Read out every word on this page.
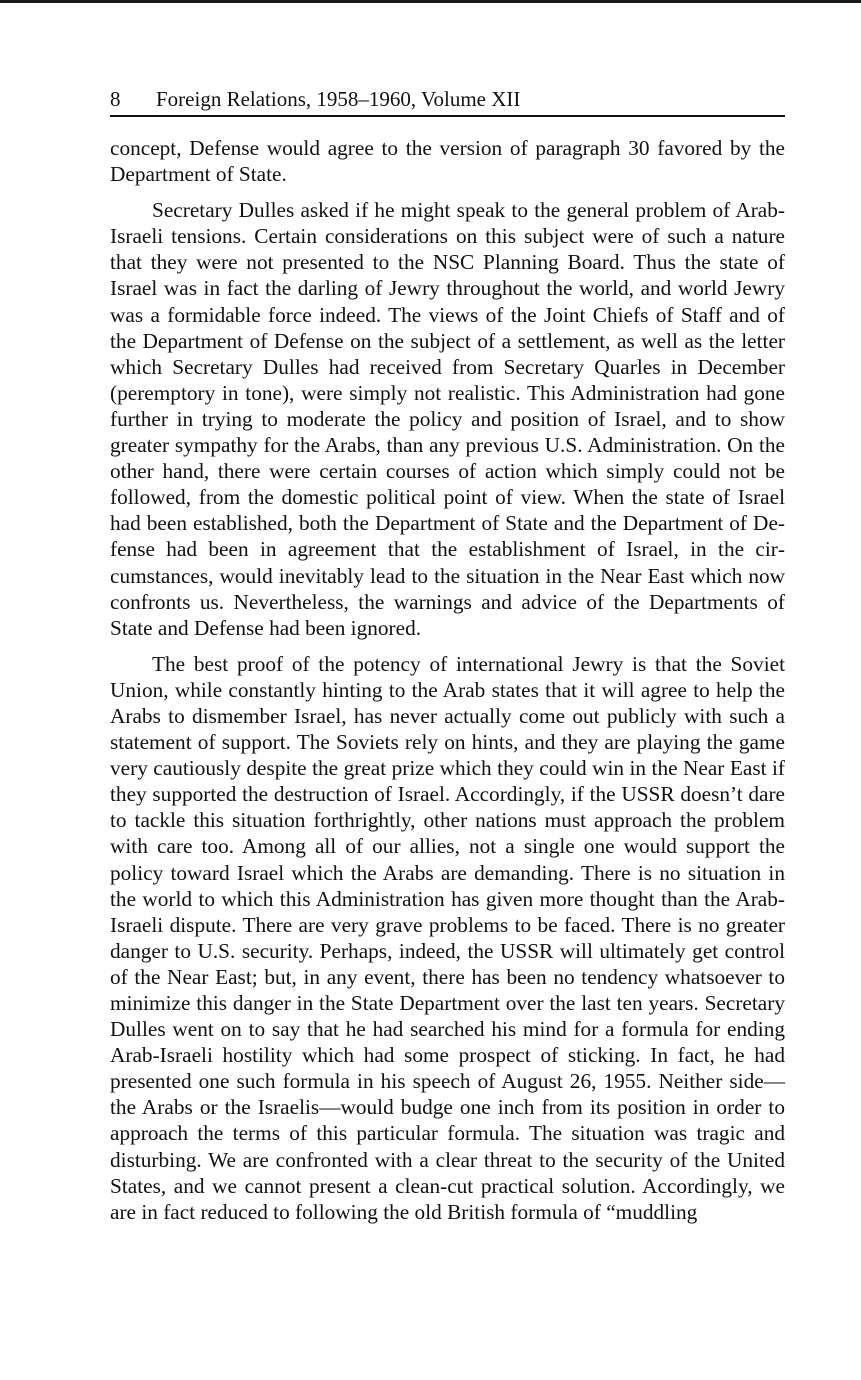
8 Foreign Relations, 1958–1960, Volume XII

concept, Defense would agree to the version of paragraph 30 favored by the Department of State.

Secretary Dulles asked if he might speak to the general problem of Arab-Israeli tensions. Certain considerations on this subject were of such a nature that they were not presented to the NSC Planning Board. Thus the state of Israel was in fact the darling of Jewry throughout the world, and world Jewry was a formidable force indeed. The views of the Joint Chiefs of Staff and of the Department of Defense on the subject of a settlement, as well as the letter which Secretary Dulles had received from Secretary Quarles in December (peremptory in tone), were simply not realistic. This Administration had gone further in trying to moderate the policy and position of Israel, and to show greater sympathy for the Arabs, than any previous U.S. Administration. On the other hand, there were certain courses of action which simply could not be followed, from the domestic political point of view. When the state of Israel had been established, both the Department of State and the Department of Defense had been in agreement that the establishment of Israel, in the circumstances, would inevitably lead to the situation in the Near East which now confronts us. Nevertheless, the warnings and advice of the Departments of State and Defense had been ignored.

The best proof of the potency of international Jewry is that the Soviet Union, while constantly hinting to the Arab states that it will agree to help the Arabs to dismember Israel, has never actually come out publicly with such a statement of support. The Soviets rely on hints, and they are playing the game very cautiously despite the great prize which they could win in the Near East if they supported the destruction of Israel. Accordingly, if the USSR doesn’t dare to tackle this situation forthrightly, other nations must approach the problem with care too. Among all of our allies, not a single one would support the policy toward Israel which the Arabs are demanding. There is no situation in the world to which this Administration has given more thought than the Arab-Israeli dispute. There are very grave problems to be faced. There is no greater danger to U.S. security. Perhaps, indeed, the USSR will ultimately get control of the Near East; but, in any event, there has been no tendency whatsoever to minimize this danger in the State Department over the last ten years. Secretary Dulles went on to say that he had searched his mind for a formula for ending Arab-Israeli hostility which had some prospect of sticking. In fact, he had presented one such formula in his speech of August 26, 1955. Neither side—the Arabs or the Israelis—would budge one inch from its position in order to approach the terms of this particular formula. The situation was tragic and disturbing. We are confronted with a clear threat to the security of the United States, and we cannot present a clean-cut practical solution. Accordingly, we are in fact reduced to following the old British formula of “muddling
